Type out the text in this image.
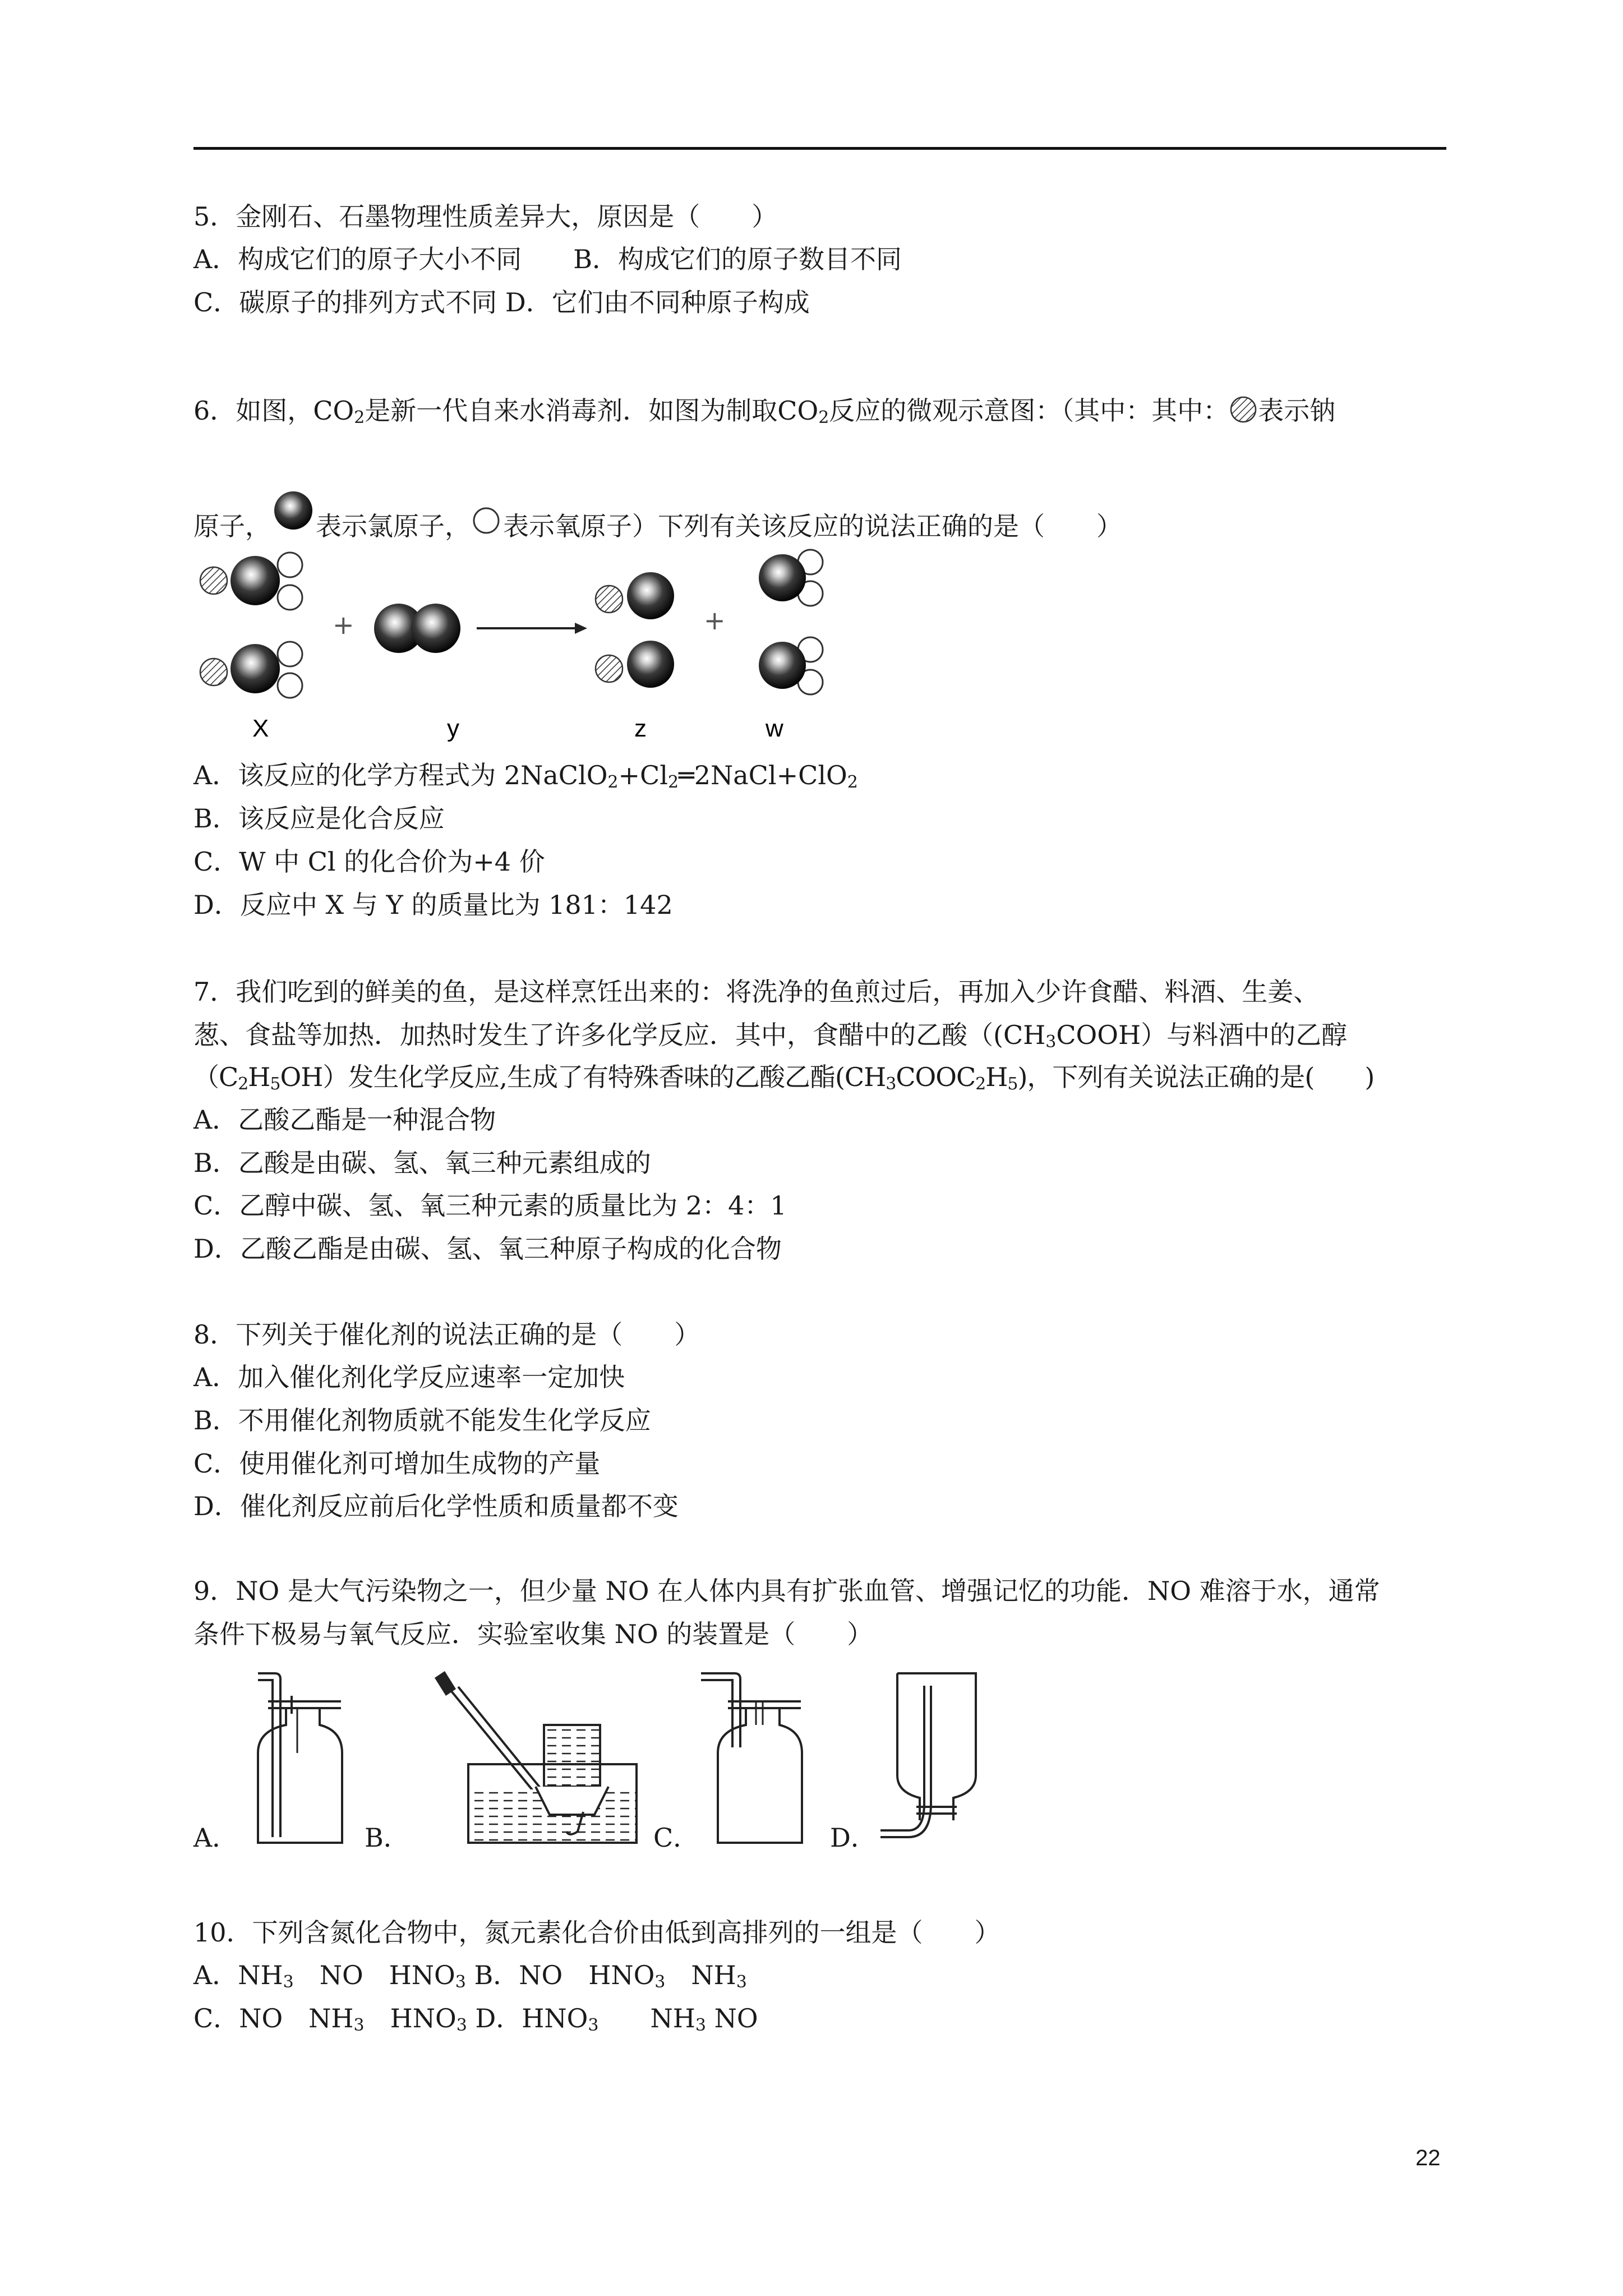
5．金刚石、石墨物理性质差异大，原因是（　　）
A．构成它们的原子大小不同　　B．构成它们的原子数目不同
C．碳原子的排列方式不同 D．它们由不同种原子构成
6．如图，$CO_2$是新一代自来水消毒剂．如图为制取$CO_2$反应的微观示意图：（其中：其中： 表示钠
原子， 表示氯原子， 表示氧原子）下列有关该反应的说法正确的是（　　）
+	+
X	y	z	w
A．该反应的化学方程式为 $2NaClO_2+Cl_2═2NaCl+ClO_2$
B．该反应是化合反应
C．W 中 Cl 的化合价为+4 价
D．反应中 X 与 Y 的质量比为 181：142
7．我们吃到的鲜美的鱼，是这样烹饪出来的：将洗净的鱼煎过后，再加入少许食醋、料酒、生姜、
葱、食盐等加热．加热时发生了许多化学反应．其中，食醋中的乙酸（$(CH_3COOH)$与料酒中的乙醇
$(C_2H_5OH)$发生化学反应,生成了有特殊香味的乙酸乙酯$(CH_3COOC_2H_5)$，下列有关说法正确的是(　　)
A．乙酸乙酯是一种混合物
B．乙酸是由碳、氢、氧三种元素组成的
C．乙醇中碳、氢、氧三种元素的质量比为 2：4：1
D．乙酸乙酯是由碳、氢、氧三种原子构成的化合物
8．下列关于催化剂的说法正确的是（　　）
A．加入催化剂化学反应速率一定加快
B．不用催化剂物质就不能发生化学反应
C．使用催化剂可增加生成物的产量
D．催化剂反应前后化学性质和质量都不变
9．NO 是大气污染物之一，但少量 NO 在人体内具有扩张血管、增强记忆的功能．NO 难溶于水，通常
条件下极易与氧气反应．实验室收集 NO 的装置是（　　）
A．	B．	C．	D．
10．下列含氮化合物中，氮元素化合价由低到高排列的一组是（　　）
A．$NH_3$　NO　$HNO_3$ B．NO　$HNO_3$　$NH_3$
C．NO　$NH_3$　$HNO_3$ D．$HNO_3$　　$NH_3$ NO
22
